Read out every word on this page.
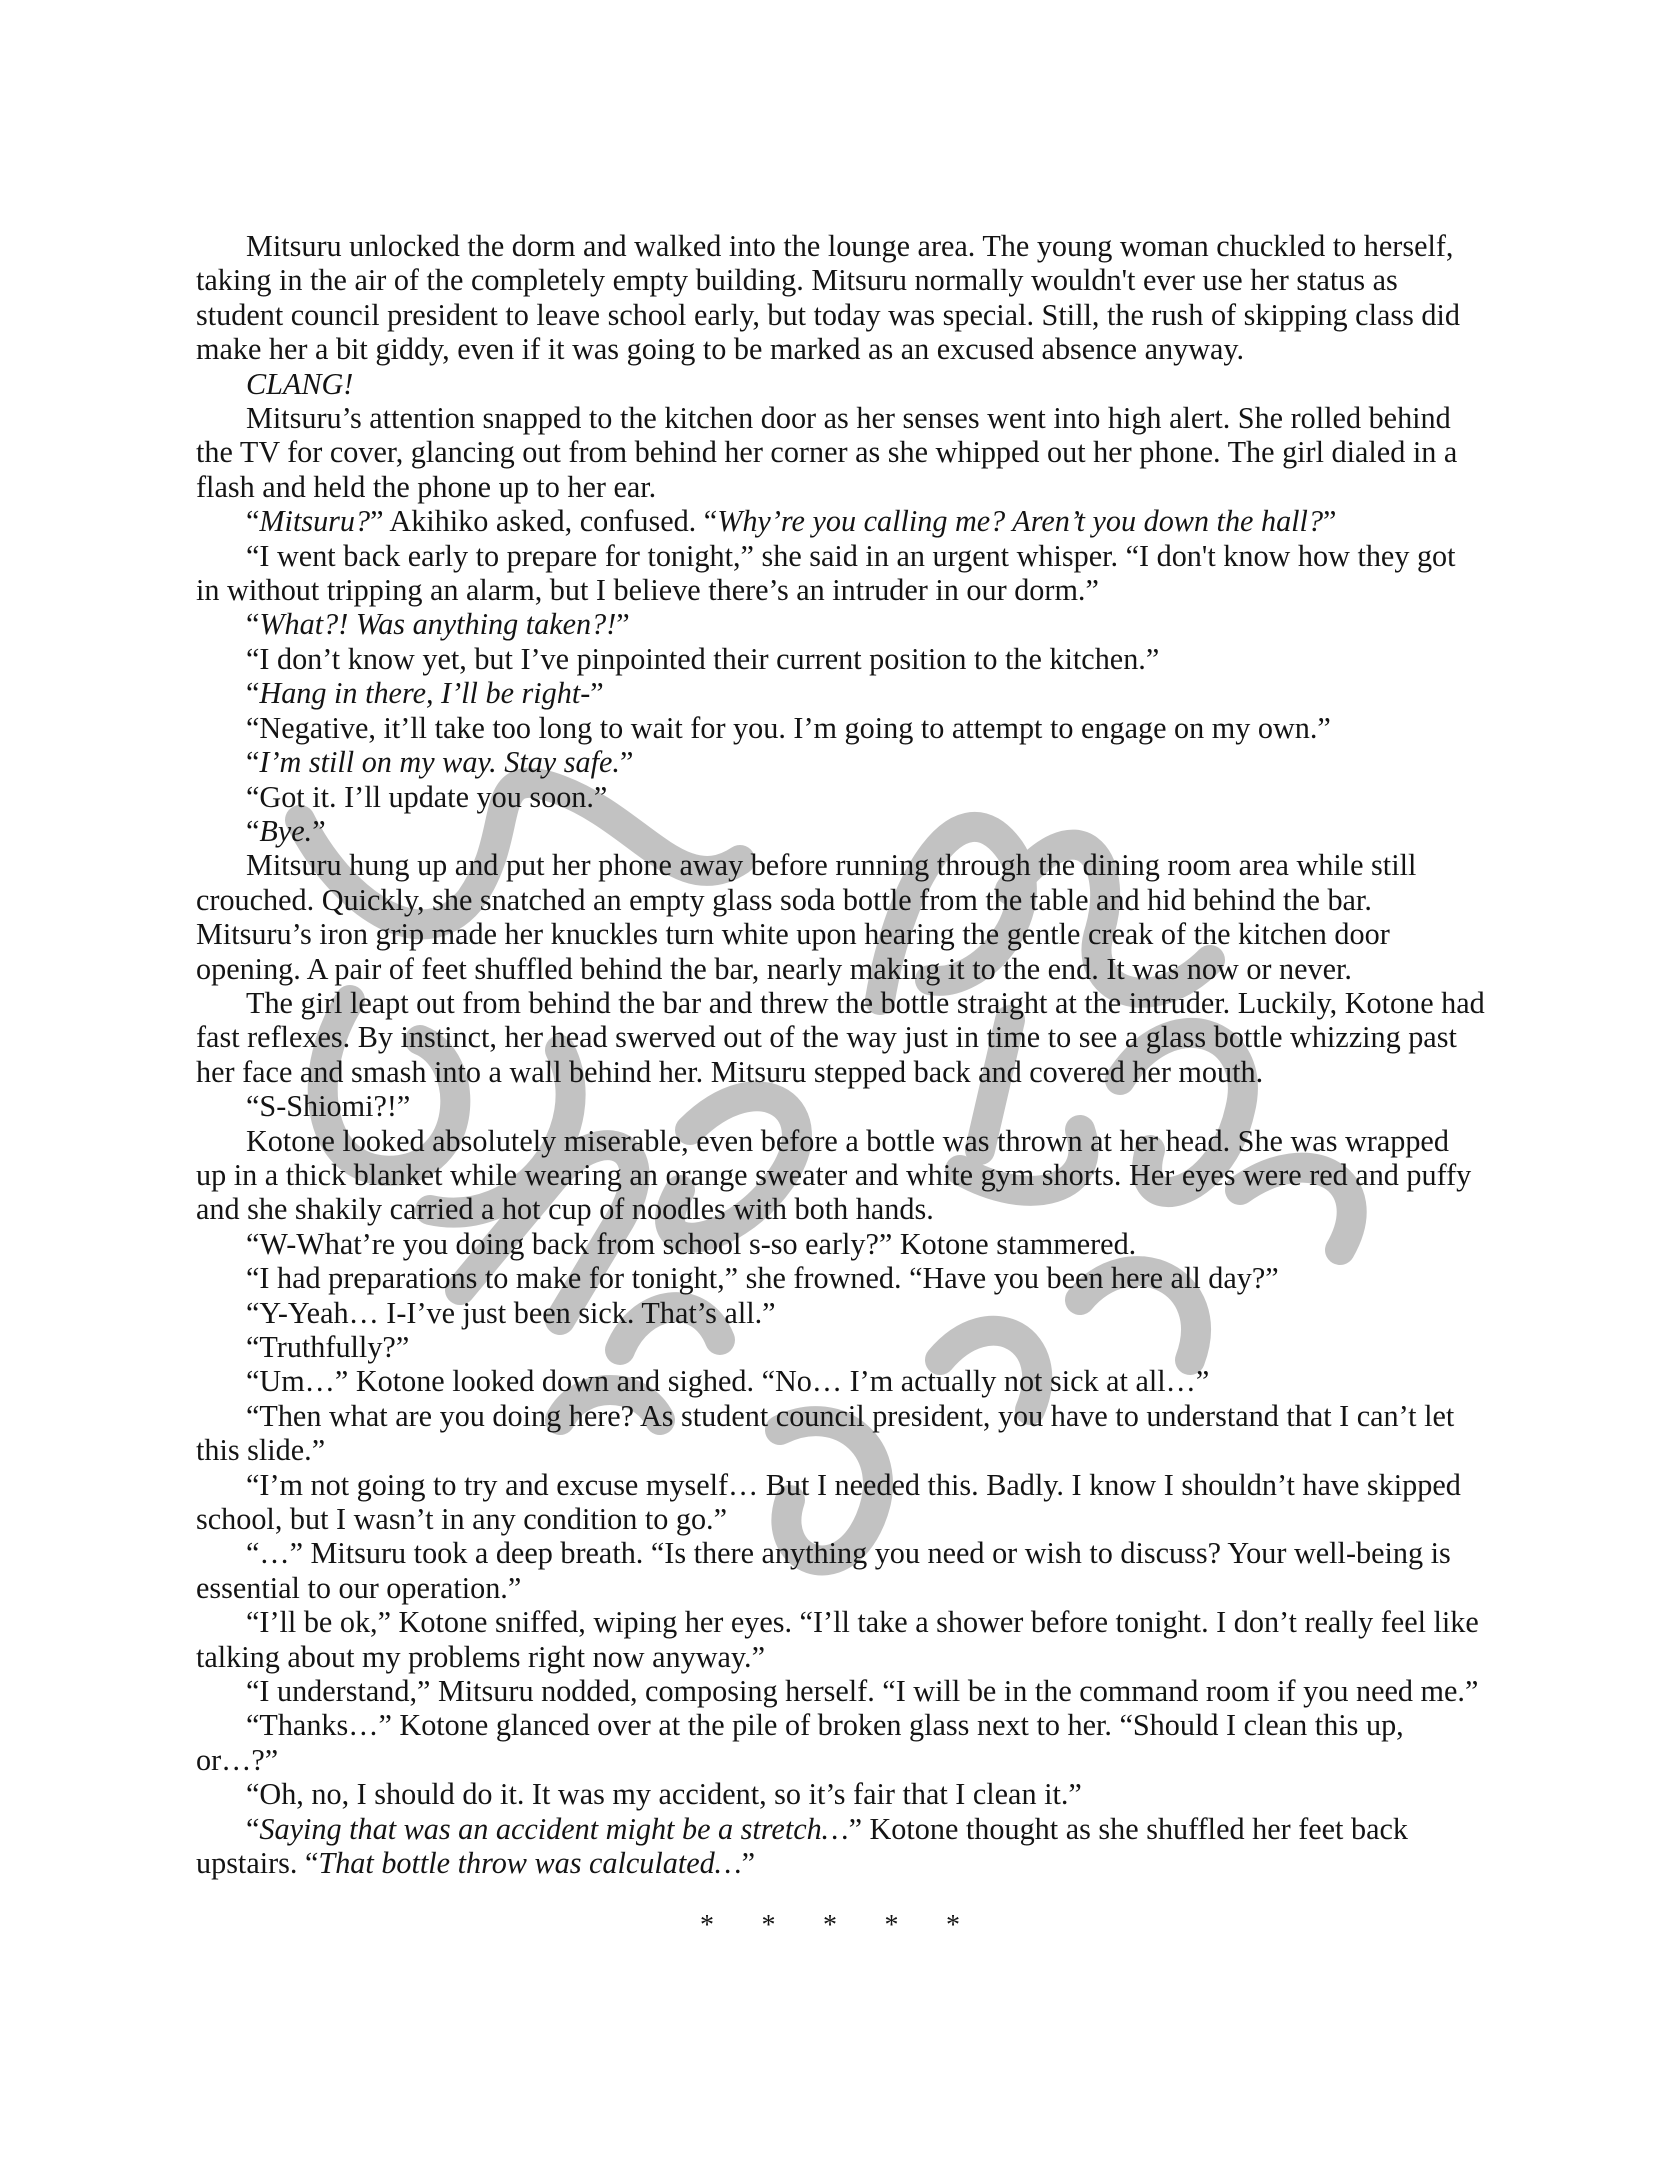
Mitsuru unlocked the dorm and walked into the lounge area. The young woman chuckled to herself, taking in the air of the completely empty building. Mitsuru normally wouldn't ever use her status as student council president to leave school early, but today was special. Still, the rush of skipping class did make her a bit giddy, even if it was going to be marked as an excused absence anyway.

CLANG!

Mitsuru’s attention snapped to the kitchen door as her senses went into high alert. She rolled behind the TV for cover, glancing out from behind her corner as she whipped out her phone. The girl dialed in a flash and held the phone up to her ear.

“Mitsuru?” Akihiko asked, confused. “Why’re you calling me? Aren’t you down the hall?”

“I went back early to prepare for tonight,” she said in an urgent whisper. “I don't know how they got in without tripping an alarm, but I believe there’s an intruder in our dorm.”

“What?! Was anything taken?!”

“I don’t know yet, but I’ve pinpointed their current position to the kitchen.”

“Hang in there, I’ll be right-”

“Negative, it’ll take too long to wait for you. I’m going to attempt to engage on my own.”

“I’m still on my way. Stay safe.”

“Got it. I’ll update you soon.”

“Bye.”

Mitsuru hung up and put her phone away before running through the dining room area while still crouched. Quickly, she snatched an empty glass soda bottle from the table and hid behind the bar. Mitsuru’s iron grip made her knuckles turn white upon hearing the gentle creak of the kitchen door opening. A pair of feet shuffled behind the bar, nearly making it to the end. It was now or never.

The girl leapt out from behind the bar and threw the bottle straight at the intruder. Luckily, Kotone had fast reflexes. By instinct, her head swerved out of the way just in time to see a glass bottle whizzing past her face and smash into a wall behind her. Mitsuru stepped back and covered her mouth.

“S-Shiomi?!”

Kotone looked absolutely miserable, even before a bottle was thrown at her head. She was wrapped up in a thick blanket while wearing an orange sweater and white gym shorts. Her eyes were red and puffy and she shakily carried a hot cup of noodles with both hands.

“W-What’re you doing back from school s-so early?” Kotone stammered.

“I had preparations to make for tonight,” she frowned. “Have you been here all day?”

“Y-Yeah… I-I’ve just been sick. That’s all.”

“Truthfully?”

“Um…” Kotone looked down and sighed. “No… I’m actually not sick at all…”

“Then what are you doing here? As student council president, you have to understand that I can’t let this slide.”

“I’m not going to try and excuse myself… But I needed this. Badly. I know I shouldn’t have skipped school, but I wasn’t in any condition to go.”

“…” Mitsuru took a deep breath. “Is there anything you need or wish to discuss? Your well-being is essential to our operation.”

“I’ll be ok,” Kotone sniffed, wiping her eyes. “I’ll take a shower before tonight. I don’t really feel like talking about my problems right now anyway.”

“I understand,” Mitsuru nodded, composing herself. “I will be in the command room if you need me.”

“Thanks…” Kotone glanced over at the pile of broken glass next to her. “Should I clean this up, or…?”

“Oh, no, I should do it. It was my accident, so it’s fair that I clean it.”

“Saying that was an accident might be a stretch…” Kotone thought as she shuffled her feet back upstairs. “That bottle throw was calculated…”

* * * * *
